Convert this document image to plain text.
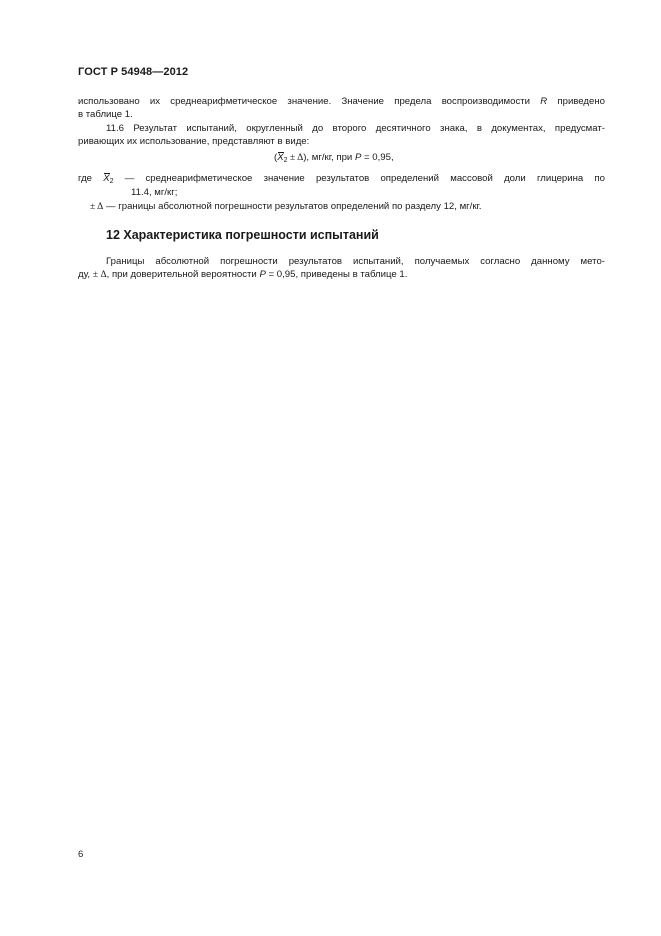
ГОСТ Р 54948—2012
использовано их среднеарифметическое значение. Значение предела воспроизводимости R приведено
в таблице 1.
11.6 Результат испытаний, округленный до второго десятичного знака, в документах, предусмат-
ривающих их использование, представляют в виде:
$(X_2 \pm \Delta)$, мг/кг, при P = 0,95,
где $X_2$ — среднеарифметическое значение результатов определений массовой доли глицерина по
11.4, мг/кг;
± Δ — границы абсолютной погрешности результатов определений по разделу 12, мг/кг.
12 Характеристика погрешности испытаний
Границы абсолютной погрешности результатов испытаний, получаемых согласно данному мето-
ду, ± Δ, при доверительной вероятности P = 0,95, приведены в таблице 1.
6
